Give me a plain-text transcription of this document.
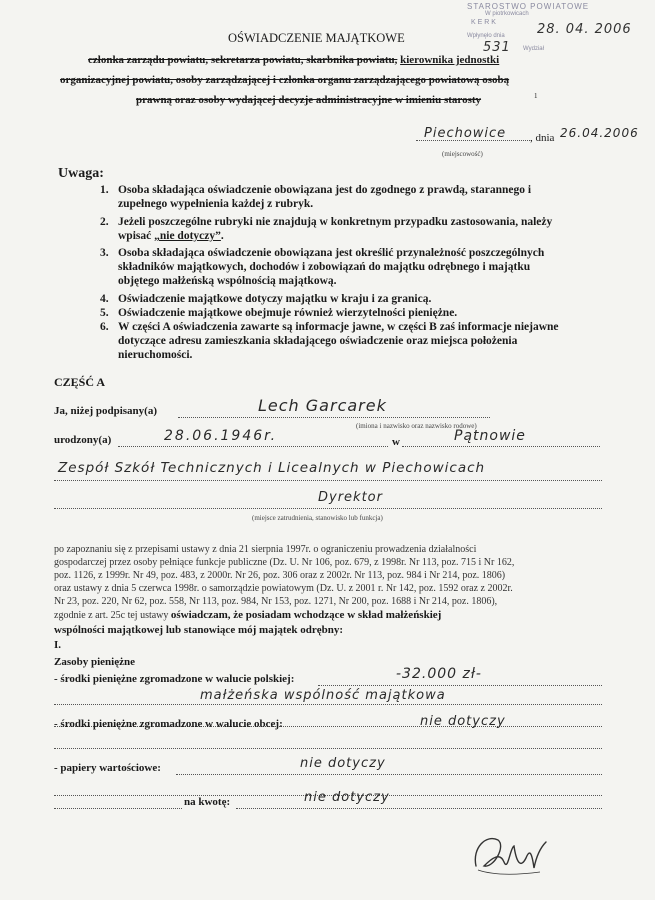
STAROSTWO POWIATOWE
W piotrkowicach
K E R K	28. 04. 2006
Wpłynęło dnia
531 Wydział
OŚWIADCZENIE MAJĄTKOWE
członka zarządu powiatu, sekretarza powiatu, skarbnika powiatu, kierownika jednostki
organizacyjnej powiatu, osoby zarządzającej i członka organu zarządzającego powiatową osobą
prawną oraz osoby wydającej decyzje administracyjne w imieniu starosty	1
Piechowice , dnia 26.04.2006
(miejscowość)
Uwaga:
1. Osoba składająca oświadczenie obowiązana jest do zgodnego z prawdą, starannego i
zupełnego wypełnienia każdej z rubryk.
2. Jeżeli poszczególne rubryki nie znajdują w konkretnym przypadku zastosowania, należy
wpisać „nie dotyczy”.
3. Osoba składająca oświadczenie obowiązana jest określić przynależność poszczególnych
składników majątkowych, dochodów i zobowiązań do majątku odrębnego i majątku
objętego małżeńską wspólnością majątkową.
4. Oświadczenie majątkowe dotyczy majątku w kraju i za granicą.
5. Oświadczenie majątkowe obejmuje również wierzytelności pieniężne.
6. W części A oświadczenia zawarte są informacje jawne, w części B zaś informacje niejawne
dotyczące adresu zamieszkania składającego oświadczenie oraz miejsca położenia
nieruchomości.
CZĘŚĆ A
Ja, niżej podpisany(a)	Lech Garcarek
(imiona i nazwisko oraz nazwisko rodowe)
urodzony(a)	28.06.1946r.	w	Pątnowie
Zespół Szkół Technicznych i Licealnych w Piechowicach
Dyrektor
(miejsce zatrudnienia, stanowisko lub funkcja)
po zapoznaniu się z przepisami ustawy z dnia 21 sierpnia 1997r. o ograniczeniu prowadzenia działalności
gospodarczej przez osoby pełniące funkcje publiczne (Dz. U. Nr 106, poz. 679, z 1998r. Nr 113, poz. 715 i Nr 162,
poz. 1126, z 1999r. Nr 49, poz. 483, z 2000r. Nr 26, poz. 306 oraz z 2002r. Nr 113, poz. 984 i Nr 214, poz. 1806)
oraz ustawy z dnia 5 czerwca 1998r. o samorządzie powiatowym (Dz. U. z 2001 r. Nr 142, poz. 1592 oraz z 2002r.
Nr 23, poz. 220, Nr 62, poz. 558, Nr 113, poz. 984, Nr 153, poz. 1271, Nr 200, poz. 1688 i Nr 214, poz. 1806),
zgodnie z art. 25c tej ustawy oświadczam, że posiadam wchodzące w skład małżeńskiej
wspólności majątkowej lub stanowiące mój majątek odrębny:
I.
Zasoby pieniężne
- środki pieniężne zgromadzone w walucie polskiej:	-32.000 zł-
małżeńska wspólność majątkowa
- środki pieniężne zgromadzone w walucie obcej:	nie dotyczy
- papiery wartościowe:	nie dotyczy
na kwotę:	nie dotyczy
